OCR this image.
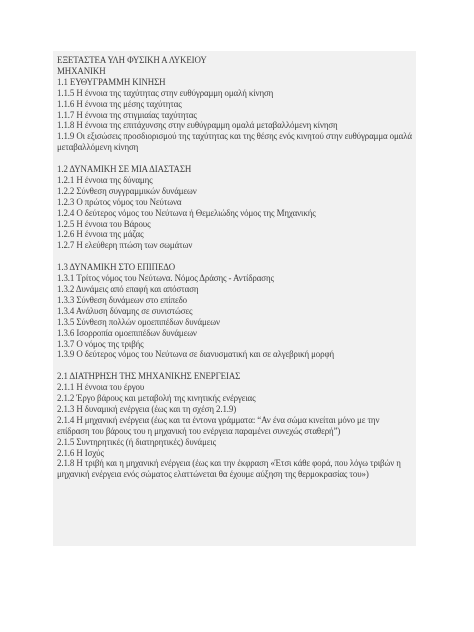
ΕΞΕΤΑΣΤΕΑ ΥΛΗ ΦΥΣΙΚΗ Α ΛΥΚΕΙΟΥ
ΜΗΧΑΝΙΚΗ
1.1 ΕΥΘΥΓΡΑΜΜΗ ΚΙΝΗΣΗ
1.1.5 Η έννοια της ταχύτητας στην ευθύγραμμη ομαλή κίνηση
1.1.6 Η έννοια της μέσης ταχύτητας
1.1.7 Η έννοια της στιγμιαίας ταχύτητας
1.1.8 Η έννοια της επιτάχυνσης στην ευθύγραμμη ομαλά μεταβαλλόμενη κίνηση
1.1.9 Οι εξισώσεις προσδιορισμού της ταχύτητας και της θέσης ενός κινητού στην ευθύγραμμα ομαλά μεταβαλλόμενη κίνηση
1.2 ΔΥΝΑΜΙΚΗ ΣΕ ΜΙΑ ΔΙΑΣΤΑΣΗ
1.2.1 Η έννοια της δύναμης
1.2.2 Σύνθεση συγγραμμικών δυνάμεων
1.2.3 Ο πρώτος νόμος του Νεύτωνα
1.2.4 Ο δεύτερος νόμος του Νεύτωνα ή Θεμελιώδης νόμος της Μηχανικής
1.2.5 Η έννοια του Βάρους
1.2.6 Η έννοια της μάζας
1.2.7 Η ελεύθερη πτώση των σωμάτων
1.3 ΔΥΝΑΜΙΚΗ ΣΤΟ ΕΠΙΠΕΔΟ
1.3.1 Τρίτος νόμος του Νεύτωνα. Νόμος Δράσης - Αντίδρασης
1.3.2 Δυνάμεις από επαφή και απόσταση
1.3.3 Σύνθεση δυνάμεων στο επίπεδο
1.3.4 Ανάλυση δύναμης σε συνιστώσες
1.3.5 Σύνθεση πολλών ομοεπιπέδων δυνάμεων
1.3.6 Ισορροπία ομοεπιπέδων δυνάμεων
1.3.7 Ο νόμος της τριβής
1.3.9 Ο δεύτερος νόμος του Νεύτωνα σε διανυσματική και σε αλγεβρική μορφή
2.1 ΔΙΑΤΗΡΗΣΗ ΤΗΣ ΜΗΧΑΝΙΚΗΣ ΕΝΕΡΓΕΙΑΣ
2.1.1 Η έννοια του έργου
2.1.2 Έργο βάρους και μεταβολή της κινητικής ενέργειας
2.1.3 Η δυναμική ενέργεια (έως και τη σχέση 2.1.9)
2.1.4 Η μηχανική ενέργεια (έως και τα έντονα γράμματα: “Αν ένα σώμα κινείται μόνο με την επίδραση του βάρους του η μηχανική του ενέργεια παραμένει συνεχώς σταθερή”)
2.1.5 Συντηρητικές (ή διατηρητικές) δυνάμεις
2.1.6 Η Ισχύς
2.1.8 Η τριβή και η μηχανική ενέργεια (έως και την έκφραση «Έτσι κάθε φορά, που λόγω τριβών η μηχανική ενέργεια ενός σώματος ελαττώνεται θα έχουμε αύξηση της θερμοκρασίας του»)
